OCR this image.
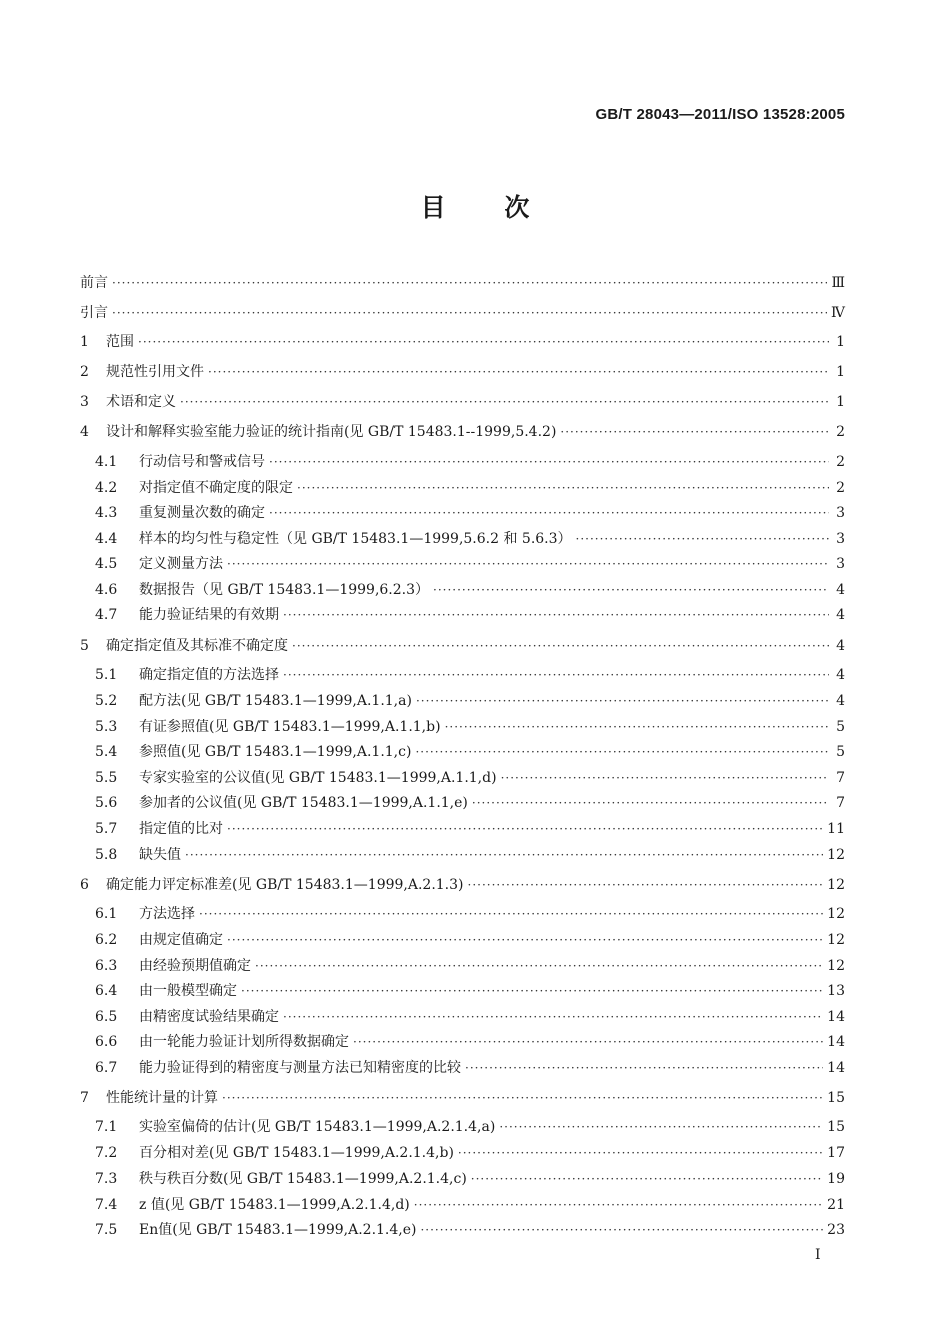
GB/T 28043—2011/ISO 13528:2005
目 次
前言 ·····	Ⅲ
引言 ·····	Ⅳ
1	范围 ·····	1
2	规范性引用文件 ·····	1
3	术语和定义 ·····	1
4	设计和解释实验室能力验证的统计指南(见 GB/T 15483.1--1999,5.4.2) ·····	2
4.1	行动信号和警戒信号 ·····	2
4.2	对指定值不确定度的限定 ·····	2
4.3	重复测量次数的确定 ·····	3
4.4	样本的均匀性与稳定性（见 GB/T 15483.1—1999,5.6.2 和 5.6.3） ·····	3
4.5	定义测量方法 ·····	3
4.6	数据报告（见 GB/T 15483.1—1999,6.2.3） ·····	4
4.7	能力验证结果的有效期 ·····	4
5	确定指定值及其标准不确定度 ·····	4
5.1	确定指定值的方法选择 ·····	4
5.2	配方法(见 GB/T 15483.1—1999,A.1.1,a) ·····	4
5.3	有证参照值(见 GB/T 15483.1—1999,A.1.1,b) ·····	5
5.4	参照值(见 GB/T 15483.1—1999,A.1.1,c) ·····	5
5.5	专家实验室的公议值(见 GB/T 15483.1—1999,A.1.1,d) ·····	7
5.6	参加者的公议值(见 GB/T 15483.1—1999,A.1.1,e) ·····	7
5.7	指定值的比对 ·····	11
5.8	缺失值 ·····	12
6	确定能力评定标准差(见 GB/T 15483.1—1999,A.2.1.3) ·····	12
6.1	方法选择 ·····	12
6.2	由规定值确定 ·····	12
6.3	由经验预期值确定 ·····	12
6.4	由一般模型确定 ·····	13
6.5	由精密度试验结果确定 ·····	14
6.6	由一轮能力验证计划所得数据确定 ·····	14
6.7	能力验证得到的精密度与测量方法已知精密度的比较 ·····	14
7	性能统计量的计算 ·····	15
7.1	实验室偏倚的估计(见 GB/T 15483.1—1999,A.2.1.4,a) ·····	15
7.2	百分相对差(见 GB/T 15483.1—1999,A.2.1.4,b) ·····	17
7.3	秩与秩百分数(见 GB/T 15483.1—1999,A.2.1.4,c) ·····	19
7.4	z 值(见 GB/T 15483.1—1999,A.2.1.4,d) ·····	21
7.5	En值(见 GB/T 15483.1—1999,A.2.1.4,e) ·····	23
I
